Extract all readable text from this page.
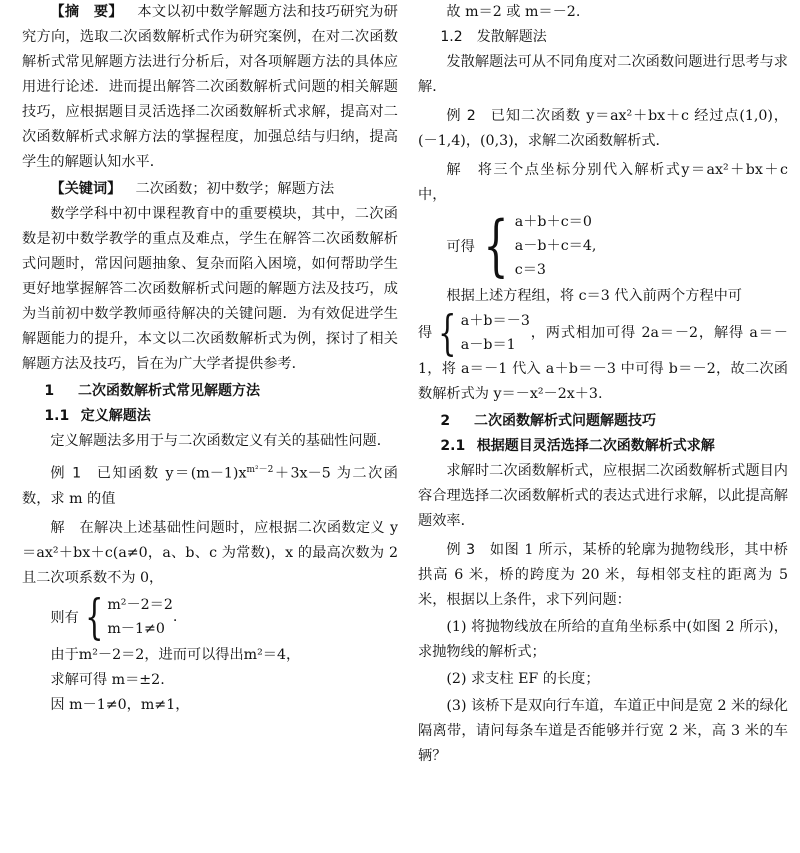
【摘　要】 本文以初中数学解题方法和技巧研究为研究方向，选取二次函数解析式作为研究案例，在对二次函数解析式常见解题方法进行分析后，对各项解题方法的具体应用进行论述．进而提出解答二次函数解析式问题的相关解题技巧，应根据题目灵活选择二次函数解析式求解，提高对二次函数解析式求解方法的掌握程度，加强总结与归纳，提高学生的解题认知水平．

【关键词】 二次函数；初中数学；解题方法

数学学科中初中课程教育中的重要模块，其中，二次函数是初中数学教学的重点及难点，学生在解答二次函数解析式问题时，常因问题抽象、复杂而陷入困境，如何帮助学生更好地掌握解答二次函数解析式问题的解题方法及技巧，成为当前初中数学教师亟待解决的关键问题．为有效促进学生解题能力的提升，本文以二次函数解析式为例，探讨了相关解题方法及技巧，旨在为广大学者提供参考．

1 二次函数解析式常见解题方法
1.1 定义解题法

定义解题法多用于与二次函数定义有关的基础性问题．

例 1 已知函数 $y=(m-1)x^{m^2-2}+3x-5$ 为二次函数，求 m 的值

解 在解决上述基础性问题时，应根据二次函数定义 y＝ax²＋bx＋c(a≠0，a、b、c 为常数)，x 的最高次数为 2 且二次项系数不为 0，

则有 { m²－2＝2
m－1≠0
.

由于m²－2＝2，进而可以得出m²＝4，

求解可得 m＝±2.

因 m－1≠0，m≠1，

故 m＝2 或 m＝－2.

1.2 发散解题法

发散解题法可从不同角度对二次函数问题进行思考与求解．

例 2 已知二次函数 y＝ax²＋bx＋c 经过点(1,0)，(－1,4)，(0,3)，求解二次函数解析式．

解 将三个点坐标分别代入解析式y＝ax²＋bx＋c 中，

可得 { a＋b＋c＝0
a－b＋c＝4,
c＝3

根据上述方程组，将 c＝3 代入前两个方程中可

得 { a＋b＝－3
a－b＝1
，两式相加可得 2a＝－2，解得 a＝－1，将 a＝－1 代入 a＋b＝－3 中可得 b＝－2，故二次函数解析式为 y＝－x²－2x＋3.

2 二次函数解析式问题解题技巧
2.1 根据题目灵活选择二次函数解析式求解

求解时二次函数解析式，应根据二次函数解析式题目内容合理选择二次函数解析式的表达式进行求解，以此提高解题效率．

例 3 如图 1 所示，某桥的轮廓为抛物线形，其中桥拱高 6 米，桥的跨度为 20 米，每相邻支柱的距离为 5 米，根据以上条件，求下列问题：

(1) 将抛物线放在所给的直角坐标系中(如图 2 所示)，求抛物线的解析式；

(2) 求支柱 EF 的长度；

(3) 该桥下是双向行车道，车道正中间是宽 2 米的绿化隔离带，请问每条车道是否能够并行宽 2 米，高 3 米的车辆？
